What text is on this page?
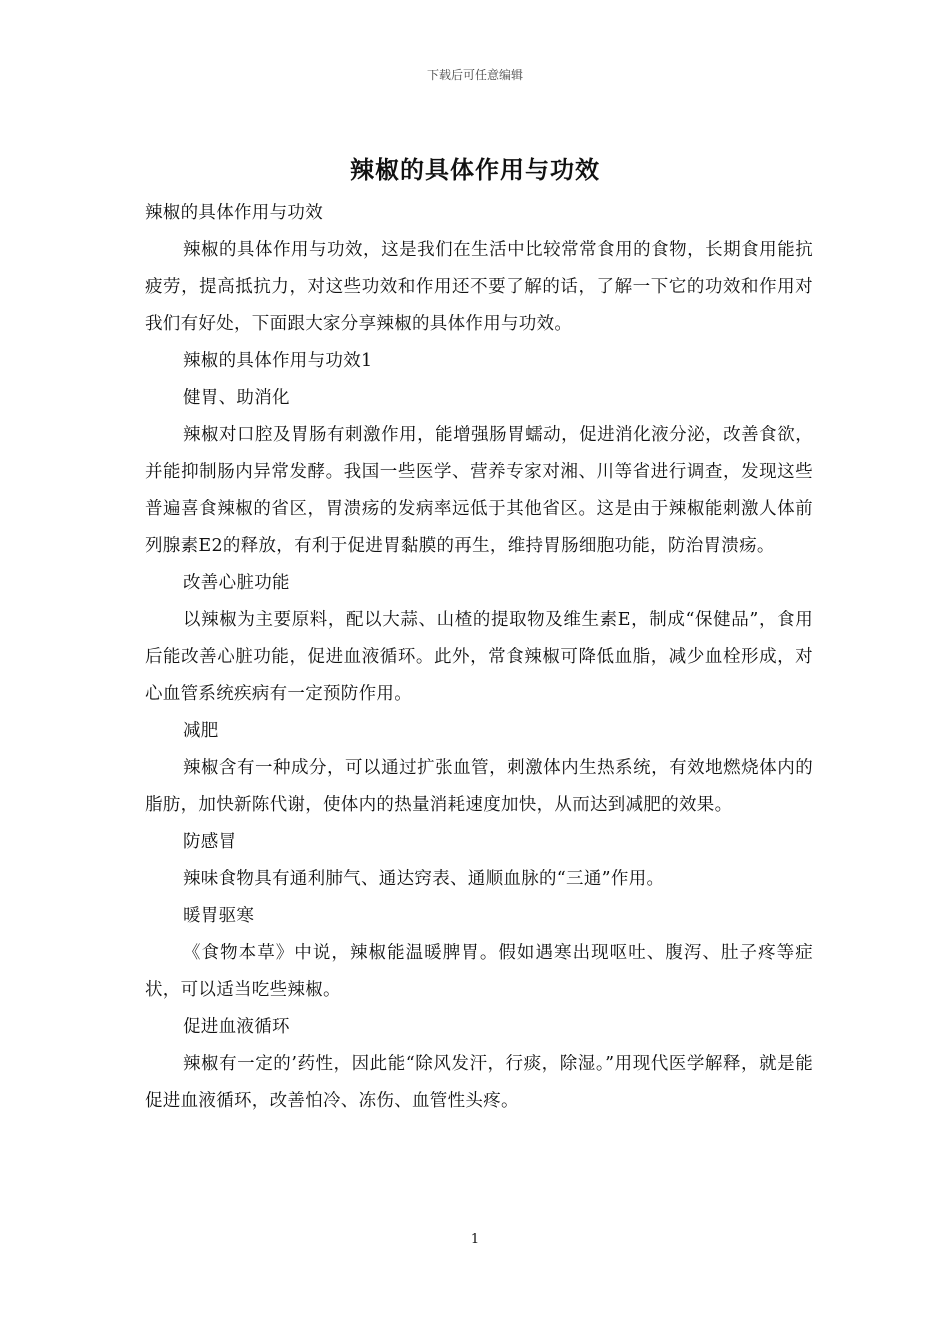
下载后可任意编辑
辣椒的具体作用与功效

辣椒的具体作用与功效

辣椒的具体作用与功效，这是我们在生活中比较常常食用的食物，长期食用能抗疲劳，提高抵抗力，对这些功效和作用还不要了解的话，了解一下它的功效和作用对我们有好处，下面跟大家分享辣椒的具体作用与功效。

辣椒的具体作用与功效1

健胃、助消化

辣椒对口腔及胃肠有刺激作用，能增强肠胃蠕动，促进消化液分泌，改善食欲，并能抑制肠内异常发酵。我国一些医学、营养专家对湘、川等省进行调查，发现这些普遍喜食辣椒的省区，胃溃疡的发病率远低于其他省区。这是由于辣椒能刺激人体前列腺素E2的释放，有利于促进胃黏膜的再生，维持胃肠细胞功能，防治胃溃疡。

改善心脏功能

以辣椒为主要原料，配以大蒜、山楂的提取物及维生素E，制成“保健品”，食用后能改善心脏功能，促进血液循环。此外，常食辣椒可降低血脂，减少血栓形成，对心血管系统疾病有一定预防作用。

减肥

辣椒含有一种成分，可以通过扩张血管，刺激体内生热系统，有效地燃烧体内的脂肪，加快新陈代谢，使体内的热量消耗速度加快，从而达到减肥的效果。

防感冒

辣味食物具有通利肺气、通达窍表、通顺血脉的“三通”作用。

暖胃驱寒

《食物本草》中说，辣椒能温暖脾胃。假如遇寒出现呕吐、腹泻、肚子疼等症状，可以适当吃些辣椒。

促进血液循环

辣椒有一定的’药性，因此能“除风发汗，行痰，除湿。”用现代医学解释，就是能促进血液循环，改善怕冷、冻伤、血管性头疼。

1
